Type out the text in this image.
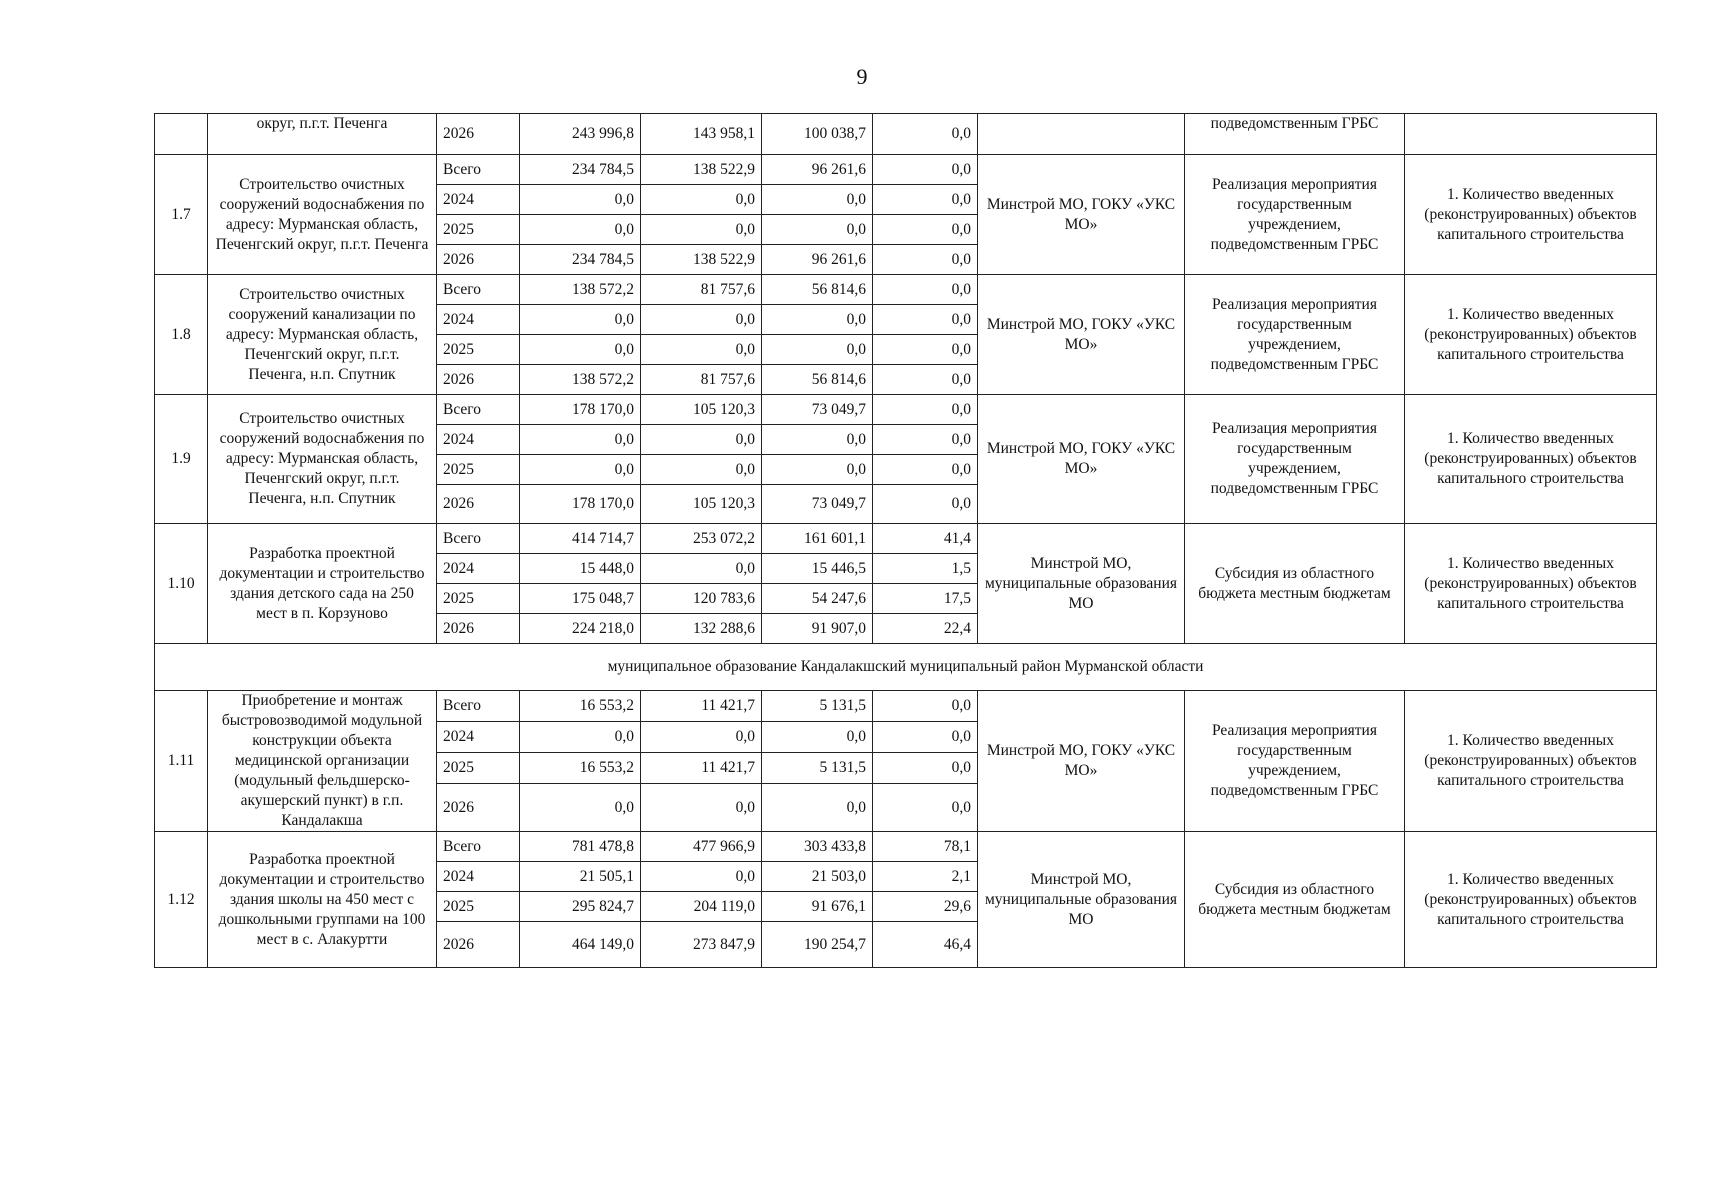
9
	округ, п.г.т. Печенга	2026	243 996,8	143 958,1	100 038,7	0,0		подведомственным ГРБС	
1.7	Строительство очистных сооружений водоснабжения по адресу: Мурманская область, Печенгский округ, п.г.т. Печенга	Всего	234 784,5	138 522,9	96 261,6	0,0	Минстрой МО, ГОКУ «УКС МО»	Реализация мероприятия государственным учреждением, подведомственным ГРБС	1. Количество введенных (реконструированных) объектов капитального строительства
		2024	0,0	0,0	0,0	0,0			
		2025	0,0	0,0	0,0	0,0			
		2026	234 784,5	138 522,9	96 261,6	0,0			
1.8	Строительство очистных сооружений канализации по адресу: Мурманская область, Печенгский округ, п.г.т. Печенга, н.п. Спутник	Всего	138 572,2	81 757,6	56 814,6	0,0	Минстрой МО, ГОКУ «УКС МО»	Реализация мероприятия государственным учреждением, подведомственным ГРБС	1. Количество введенных (реконструированных) объектов капитального строительства
		2024	0,0	0,0	0,0	0,0			
		2025	0,0	0,0	0,0	0,0			
		2026	138 572,2	81 757,6	56 814,6	0,0			
1.9	Строительство очистных сооружений водоснабжения по адресу: Мурманская область, Печенгский округ, п.г.т. Печенга, н.п. Спутник	Всего	178 170,0	105 120,3	73 049,7	0,0	Минстрой МО, ГОКУ «УКС МО»	Реализация мероприятия государственным учреждением, подведомственным ГРБС	1. Количество введенных (реконструированных) объектов капитального строительства
		2024	0,0	0,0	0,0	0,0			
		2025	0,0	0,0	0,0	0,0			
		2026	178 170,0	105 120,3	73 049,7	0,0			
1.10	Разработка проектной документации и строительство здания детского сада на 250 мест в п. Корзуново	Всего	414 714,7	253 072,2	161 601,1	41,4	Минстрой МО, муниципальные образования МО	Субсидия из областного бюджета местным бюджетам	1. Количество введенных (реконструированных) объектов капитального строительства
		2024	15 448,0	0,0	15 446,5	1,5			
		2025	175 048,7	120 783,6	54 247,6	17,5			
		2026	224 218,0	132 288,6	91 907,0	22,4			
муниципальное образование Кандалакшский муниципальный район Мурманской области									
1.11	Приобретение и монтаж быстровозводимой модульной конструкции объекта медицинской организации (модульный фельдшерско-акушерский пункт) в г.п. Кандалакша	Всего	16 553,2	11 421,7	5 131,5	0,0	Минстрой МО, ГОКУ «УКС МО»	Реализация мероприятия государственным учреждением, подведомственным ГРБС	1. Количество введенных (реконструированных) объектов капитального строительства
		2024	0,0	0,0	0,0	0,0			
		2025	16 553,2	11 421,7	5 131,5	0,0			
		2026	0,0	0,0	0,0	0,0			
1.12	Разработка проектной документации и строительство здания школы на 450 мест с дошкольными группами на 100 мест в с. Алакуртти	Всего	781 478,8	477 966,9	303 433,8	78,1	Минстрой МО, муниципальные образования МО	Субсидия из областного бюджета местным бюджетам	1. Количество введенных (реконструированных) объектов капитального строительства
		2024	21 505,1	0,0	21 503,0	2,1			
		2025	295 824,7	204 119,0	91 676,1	29,6			
		2026	464 149,0	273 847,9	190 254,7	46,4			
